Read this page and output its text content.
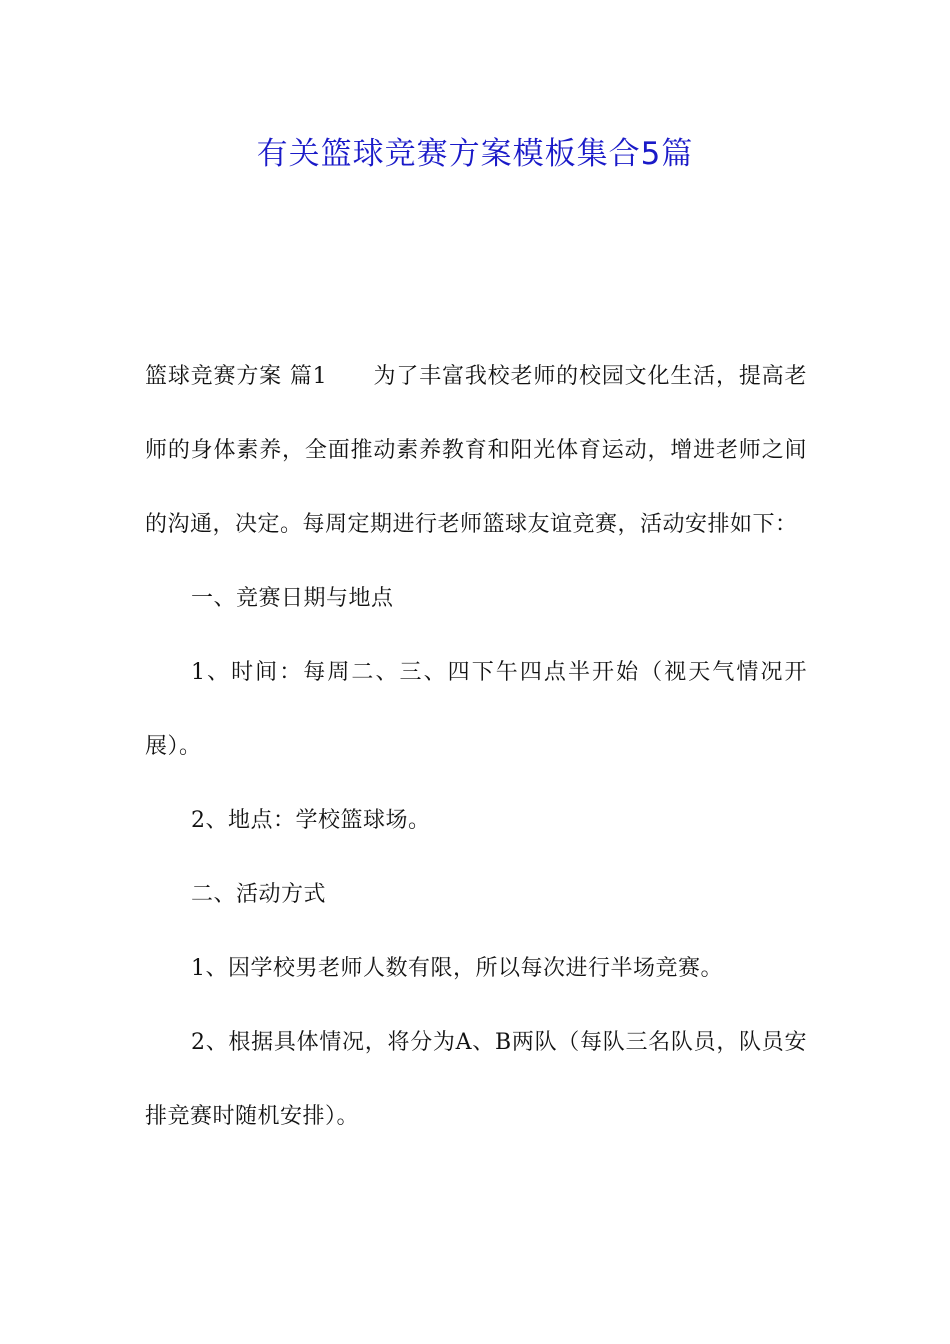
有关篮球竞赛方案模板集合5篇

篮球竞赛方案 篇1 为了丰富我校老师的校园文化生活，提高老师的身体素养，全面推动素养教育和阳光体育运动，增进老师之间的沟通，决定。每周定期进行老师篮球友谊竞赛，活动安排如下：

一、竞赛日期与地点

1、时间：每周二、三、四下午四点半开始（视天气情况开展）。

2、地点：学校篮球场。

二、活动方式

1、因学校男老师人数有限，所以每次进行半场竞赛。

2、根据具体情况，将分为A、B两队（每队三名队员，队员安排竞赛时随机安排）。
